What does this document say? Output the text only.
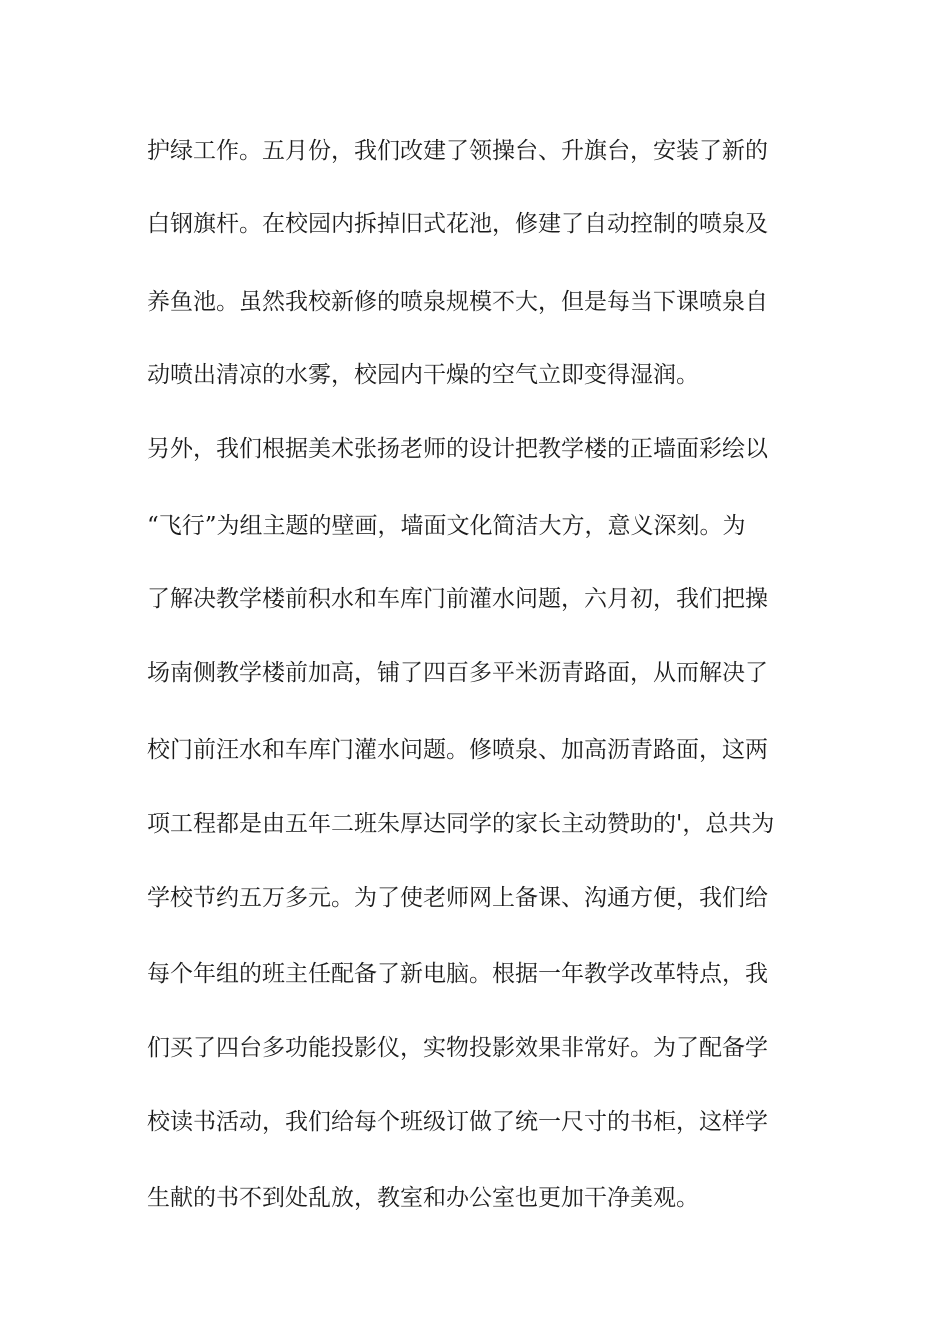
护绿工作。五月份，我们改建了领操台、升旗台，安装了新的
白钢旗杆。在校园内拆掉旧式花池，修建了自动控制的喷泉及
养鱼池。虽然我校新修的喷泉规模不大，但是每当下课喷泉自
动喷出清凉的水雾，校园内干燥的空气立即变得湿润。
另外，我们根据美术张扬老师的设计把教学楼的正墙面彩绘以
“飞行”为组主题的壁画，墙面文化简洁大方，意义深刻。为
了解决教学楼前积水和车库门前灌水问题，六月初，我们把操
场南侧教学楼前加高，铺了四百多平米沥青路面，从而解决了
校门前汪水和车库门灌水问题。修喷泉、加高沥青路面，这两
项工程都是由五年二班朱厚达同学的家长主动赞助的'，总共为
学校节约五万多元。为了使老师网上备课、沟通方便，我们给
每个年组的班主任配备了新电脑。根据一年教学改革特点，我
们买了四台多功能投影仪，实物投影效果非常好。为了配备学
校读书活动，我们给每个班级订做了统一尺寸的书柜，这样学
生献的书不到处乱放，教室和办公室也更加干净美观。
